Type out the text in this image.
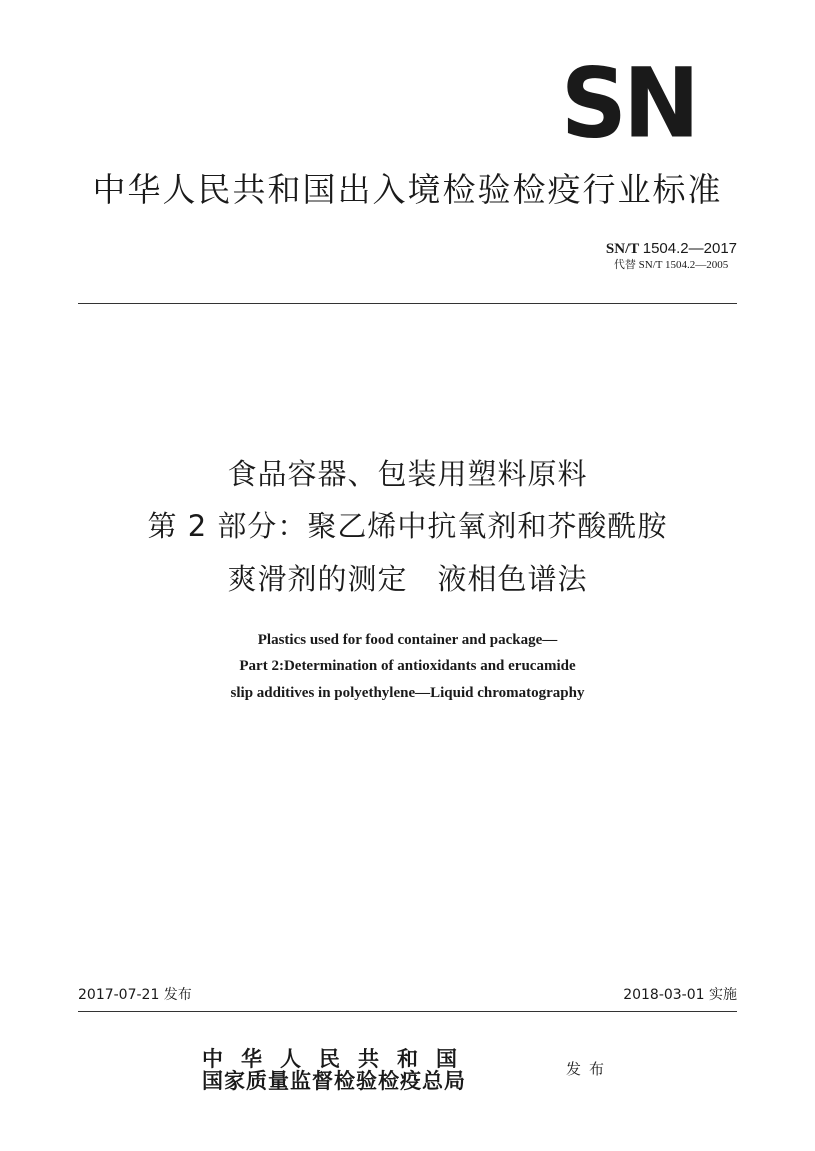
SN
中华人民共和国出入境检验检疫行业标准
SN/T 1504.2—2017
代替 SN/T 1504.2—2005
食品容器、包装用塑料原料
第 2 部分：聚乙烯中抗氧剂和芥酸酰胺
爽滑剂的测定　液相色谱法
Plastics used for food container and package—
Part 2:Determination of antioxidants and erucamide
slip additives in polyethylene—Liquid chromatography
2017-07-21 发布	2018-03-01 实施
中华人民共和国
国家质量监督检验检疫总局	发布
